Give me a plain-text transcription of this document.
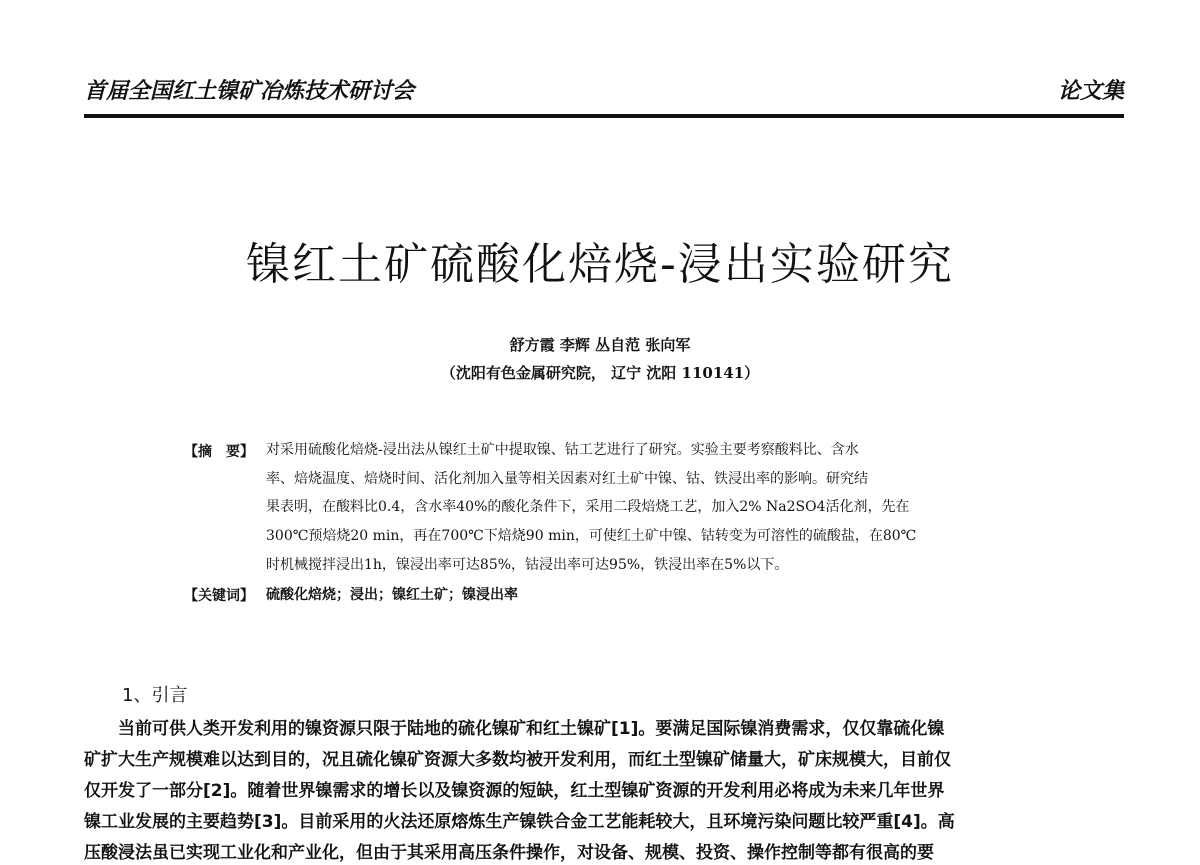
首届全国红土镍矿冶炼技术研讨会	论文集
镍红土矿硫酸化焙烧-浸出实验研究
舒方霞 李辉 丛自范 张向军
（沈阳有色金属研究院， 辽宁 沈阳 110141）
【摘　要】 对采用硫酸化焙烧-浸出法从镍红土矿中提取镍、钴工艺进行了研究。实验主要考察酸料比、含水
率、焙烧温度、焙烧时间、活化剂加入量等相关因素对红土矿中镍、钴、铁浸出率的影响。研究结
果表明，在酸料比0.4，含水率40%的酸化条件下，采用二段焙烧工艺，加入2% Na2SO4活化剂，先在
300℃预焙烧20 min，再在700℃下焙烧90 min，可使红土矿中镍、钴转变为可溶性的硫酸盐，在80℃
时机械搅拌浸出1h，镍浸出率可达85%，钴浸出率可达95%，铁浸出率在5%以下。
【关键词】 硫酸化焙烧；浸出；镍红土矿；镍浸出率
1、引言
　　当前可供人类开发利用的镍资源只限于陆地的硫化镍矿和红土镍矿[1]。要满足国际镍消费需求，仅仅靠硫化镍
矿扩大生产规模难以达到目的，况且硫化镍矿资源大多数均被开发利用，而红土型镍矿储量大，矿床规模大，目前仅
仅开发了一部分[2]。随着世界镍需求的增长以及镍资源的短缺，红土型镍矿资源的开发利用必将成为未来几年世界
镍工业发展的主要趋势[3]。目前采用的火法还原熔炼生产镍铁合金工艺能耗较大，且环境污染问题比较严重[4]。高
压酸浸法虽已实现工业化和产业化，但由于其采用高压条件操作，对设备、规模、投资、操作控制等都有很高的要
